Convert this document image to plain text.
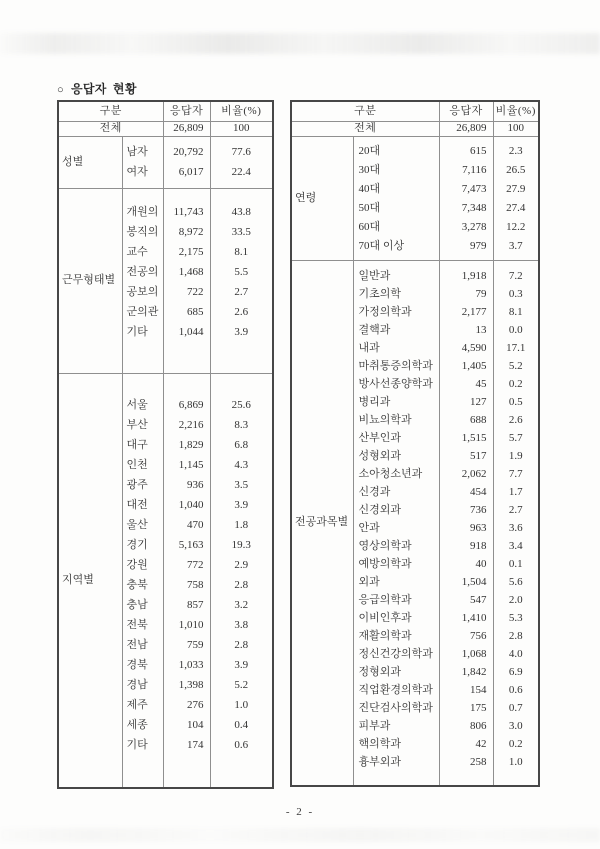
○ 응답자 현황
구분		응답자	비율(%)
전체		26,809	100
성별			
	남자	20,792	77.6
	여자	6,017	22.4

근무형태별			
	개원의	11,743	43.8
	봉직의	8,972	33.5
	교수	2,175	8.1
	전공의	1,468	5.5
	공보의	722	2.7
	군의관	685	2.6
	기타	1,044	3.9

지역별			
	서울	6,869	25.6
	부산	2,216	8.3
	대구	1,829	6.8
	인천	1,145	4.3
	광주	936	3.5
	대전	1,040	3.9
	울산	470	1.8
	경기	5,163	19.3
	강원	772	2.9
	충북	758	2.8
	충남	857	3.2
	전북	1,010	3.8
	전남	759	2.8
	경북	1,033	3.9
	경남	1,398	5.2
	제주	276	1.0
	세종	104	0.4
	기타	174	0.6

구분		응답자	비율(%)
전체		26,809	100
연령			
	20대	615	2.3
	30대	7,116	26.5
	40대	7,473	27.9
	50대	7,348	27.4
	60대	3,278	12.2
	70대 이상	979	3.7

전공과목별			
	일반과	1,918	7.2
	기초의학	79	0.3
	가정의학과	2,177	8.1
	결핵과	13	0.0
	내과	4,590	17.1
	마취통증의학과	1,405	5.2
	방사선종양학과	45	0.2
	병리과	127	0.5
	비뇨의학과	688	2.6
	산부인과	1,515	5.7
	성형외과	517	1.9
	소아청소년과	2,062	7.7
	신경과	454	1.7
	신경외과	736	2.7
	안과	963	3.6
	영상의학과	918	3.4
	예방의학과	40	0.1
	외과	1,504	5.6
	응급의학과	547	2.0
	이비인후과	1,410	5.3
	재활의학과	756	2.8
	정신건강의학과	1,068	4.0
	정형외과	1,842	6.9
	직업환경의학과	154	0.6
	진단검사의학과	175	0.7
	피부과	806	3.0
	핵의학과	42	0.2
	흉부외과	258	1.0

- 2 -
